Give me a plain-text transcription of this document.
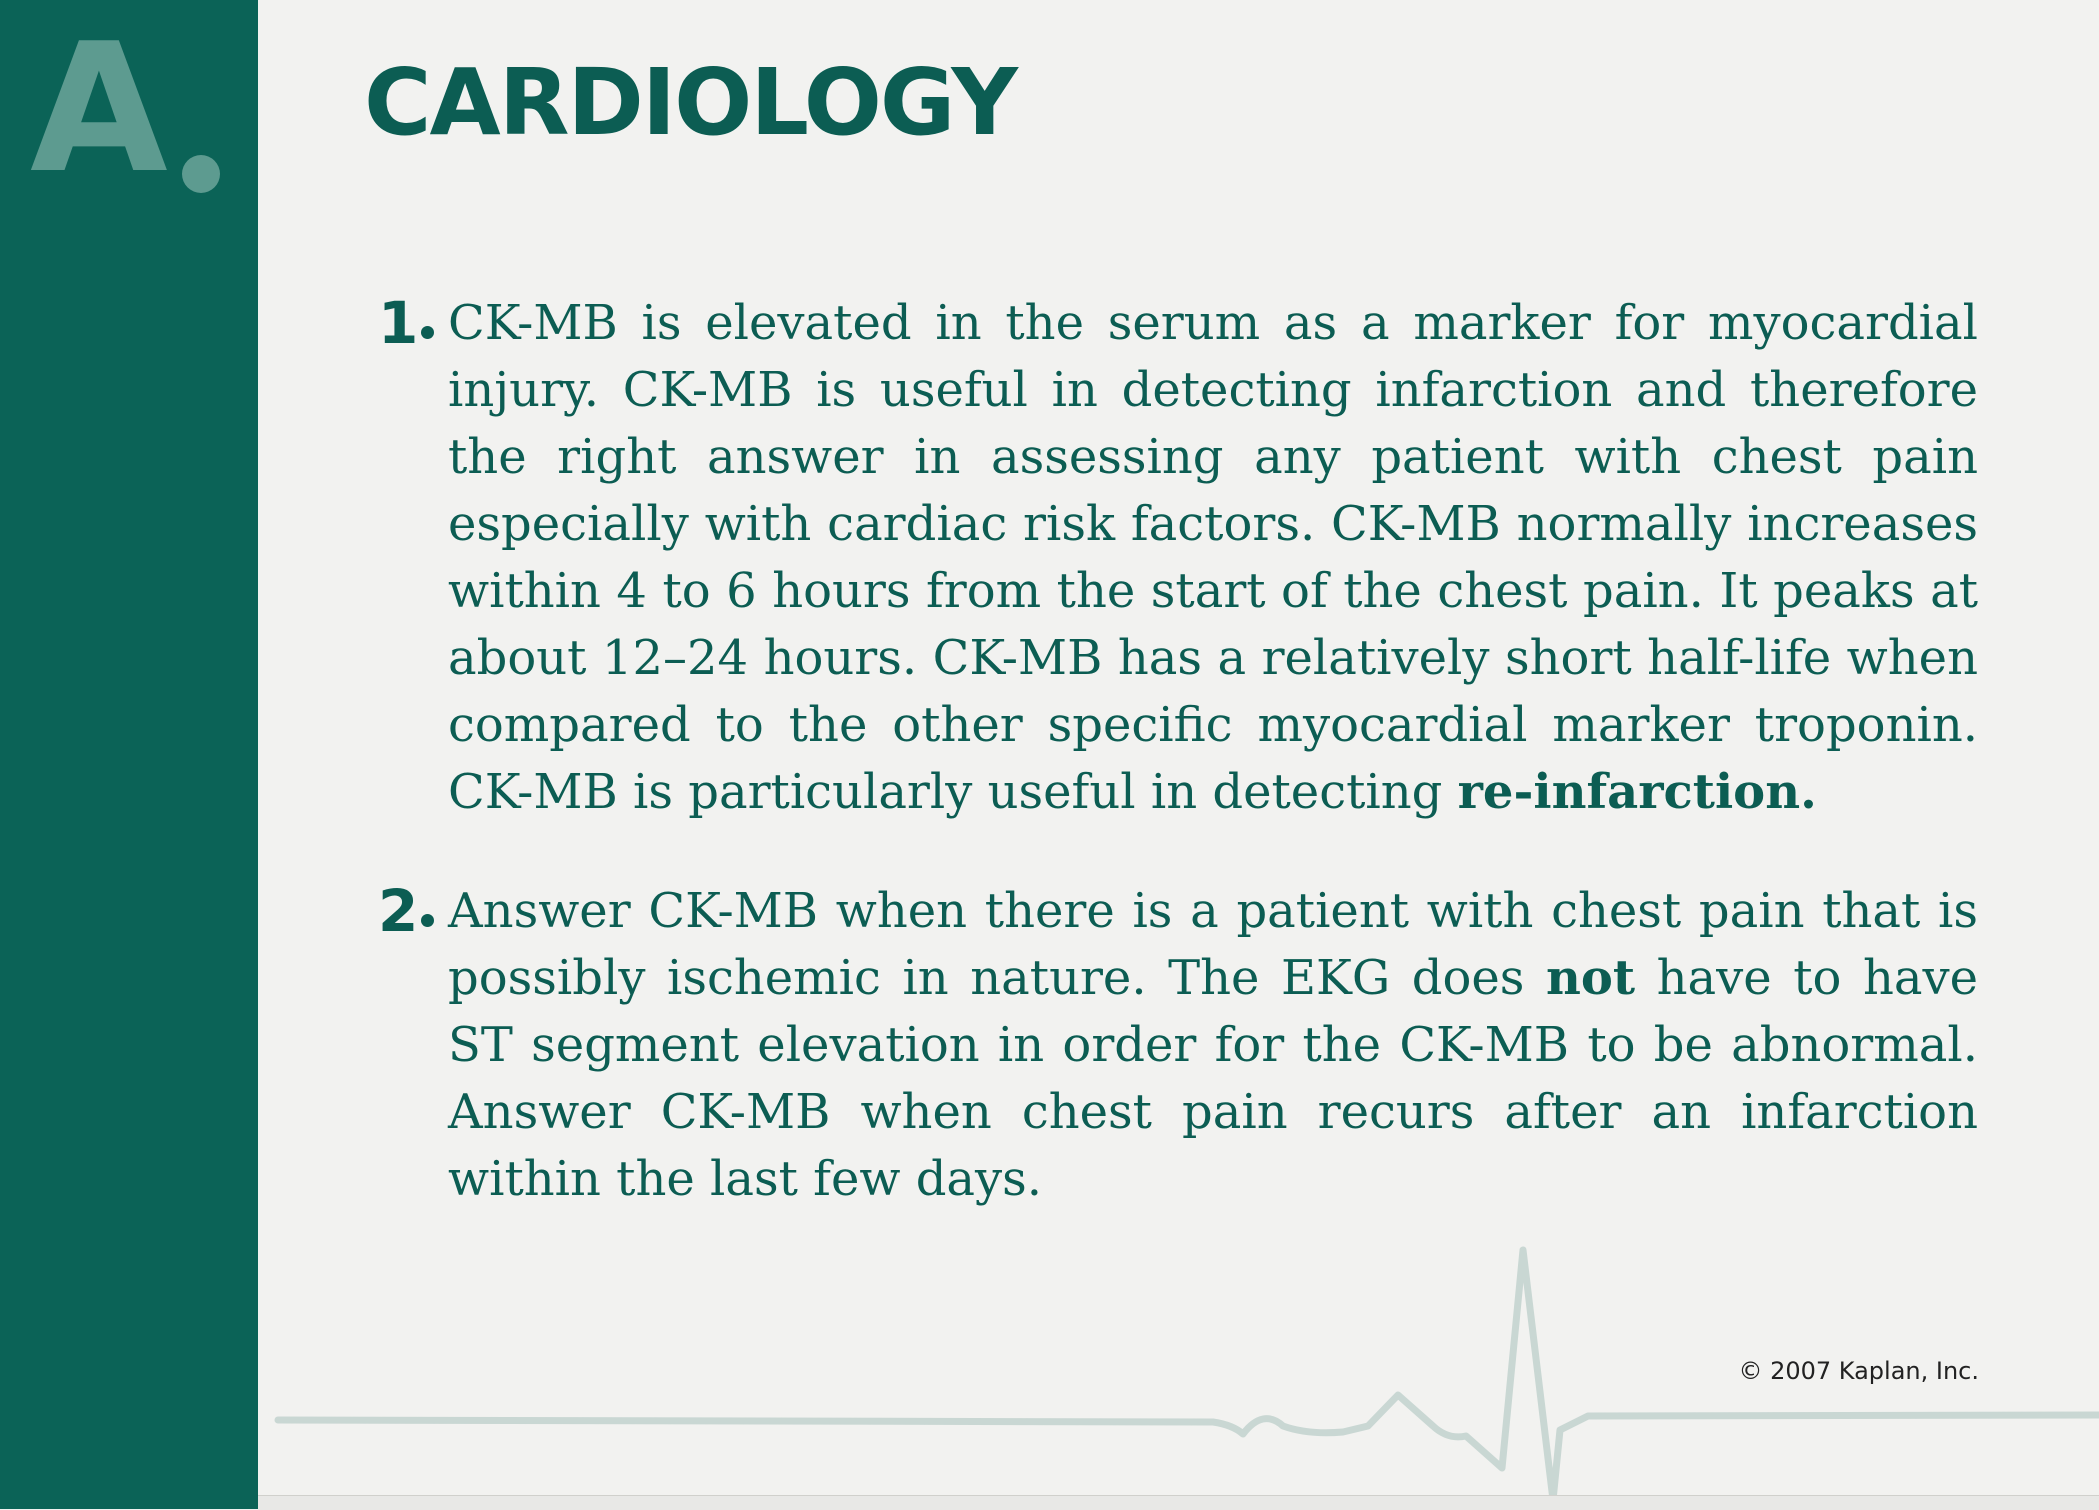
A CARDIOLOGY
1 CK-MB is elevated in the serum as a marker for myocardial injury. CK-MB is useful in detecting infarction and therefore the right answer in assessing any patient with chest pain especially with cardiac risk factors. CK-MB normally increases within 4 to 6 hours from the start of the chest pain. It peaks at about 12–24 hours. CK-MB has a relatively short half-life when compared to the other specific myocardial marker troponin. CK-MB is particularly useful in detecting re-infarction.

2 Answer CK-MB when there is a patient with chest pain that is possibly ischemic in nature. The EKG does not have to have ST segment elevation in order for the CK-MB to be abnormal. Answer CK-MB when chest pain recurs after an infarction within the last few days.

© 2007 Kaplan, Inc.
